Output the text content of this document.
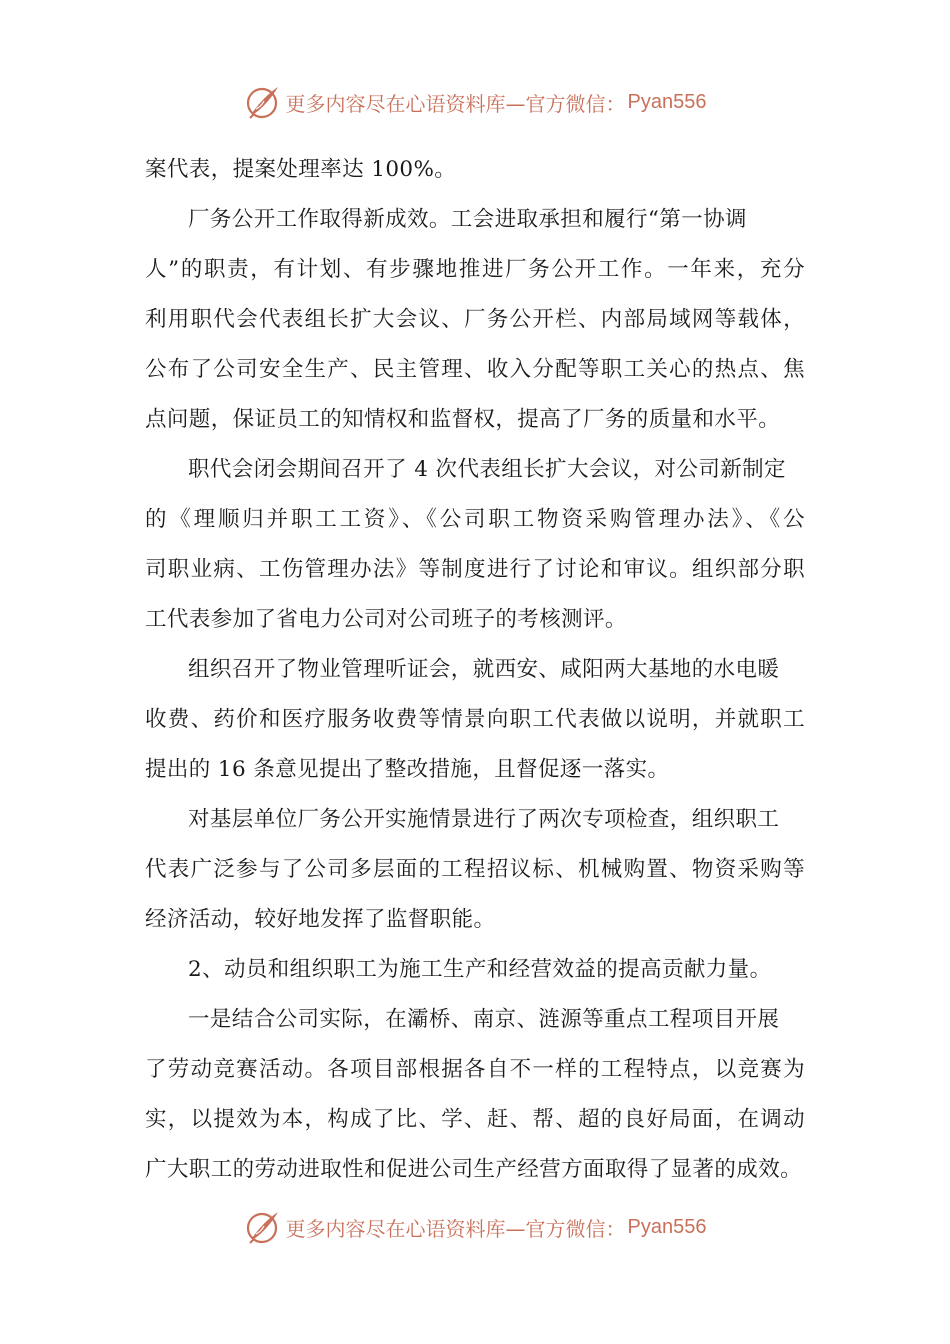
更多内容尽在心语资料库—官方微信： Pyan556
案代表，提案处理率达 100%。
厂务公开工作取得新成效。工会进取承担和履行“第一协调
人”的职责，有计划、有步骤地推进厂务公开工作。一年来，充分
利用职代会代表组长扩大会议、厂务公开栏、内部局域网等载体，
公布了公司安全生产、民主管理、收入分配等职工关心的热点、焦
点问题，保证员工的知情权和监督权，提高了厂务的质量和水平。
职代会闭会期间召开了 4 次代表组长扩大会议，对公司新制定
的《理顺归并职工工资》、《公司职工物资采购管理办法》、《公
司职业病、工伤管理办法》等制度进行了讨论和审议。组织部分职
工代表参加了省电力公司对公司班子的考核测评。
组织召开了物业管理听证会，就西安、咸阳两大基地的水电暖
收费、药价和医疗服务收费等情景向职工代表做以说明，并就职工
提出的 16 条意见提出了整改措施，且督促逐一落实。
对基层单位厂务公开实施情景进行了两次专项检查，组织职工
代表广泛参与了公司多层面的工程招议标、机械购置、物资采购等
经济活动，较好地发挥了监督职能。
2、动员和组织职工为施工生产和经营效益的提高贡献力量。
一是结合公司实际，在灞桥、南京、涟源等重点工程项目开展
了劳动竞赛活动。各项目部根据各自不一样的工程特点，以竞赛为
实，以提效为本，构成了比、学、赶、帮、超的良好局面，在调动
广大职工的劳动进取性和促进公司生产经营方面取得了显著的成效。
更多内容尽在心语资料库—官方微信： Pyan556
